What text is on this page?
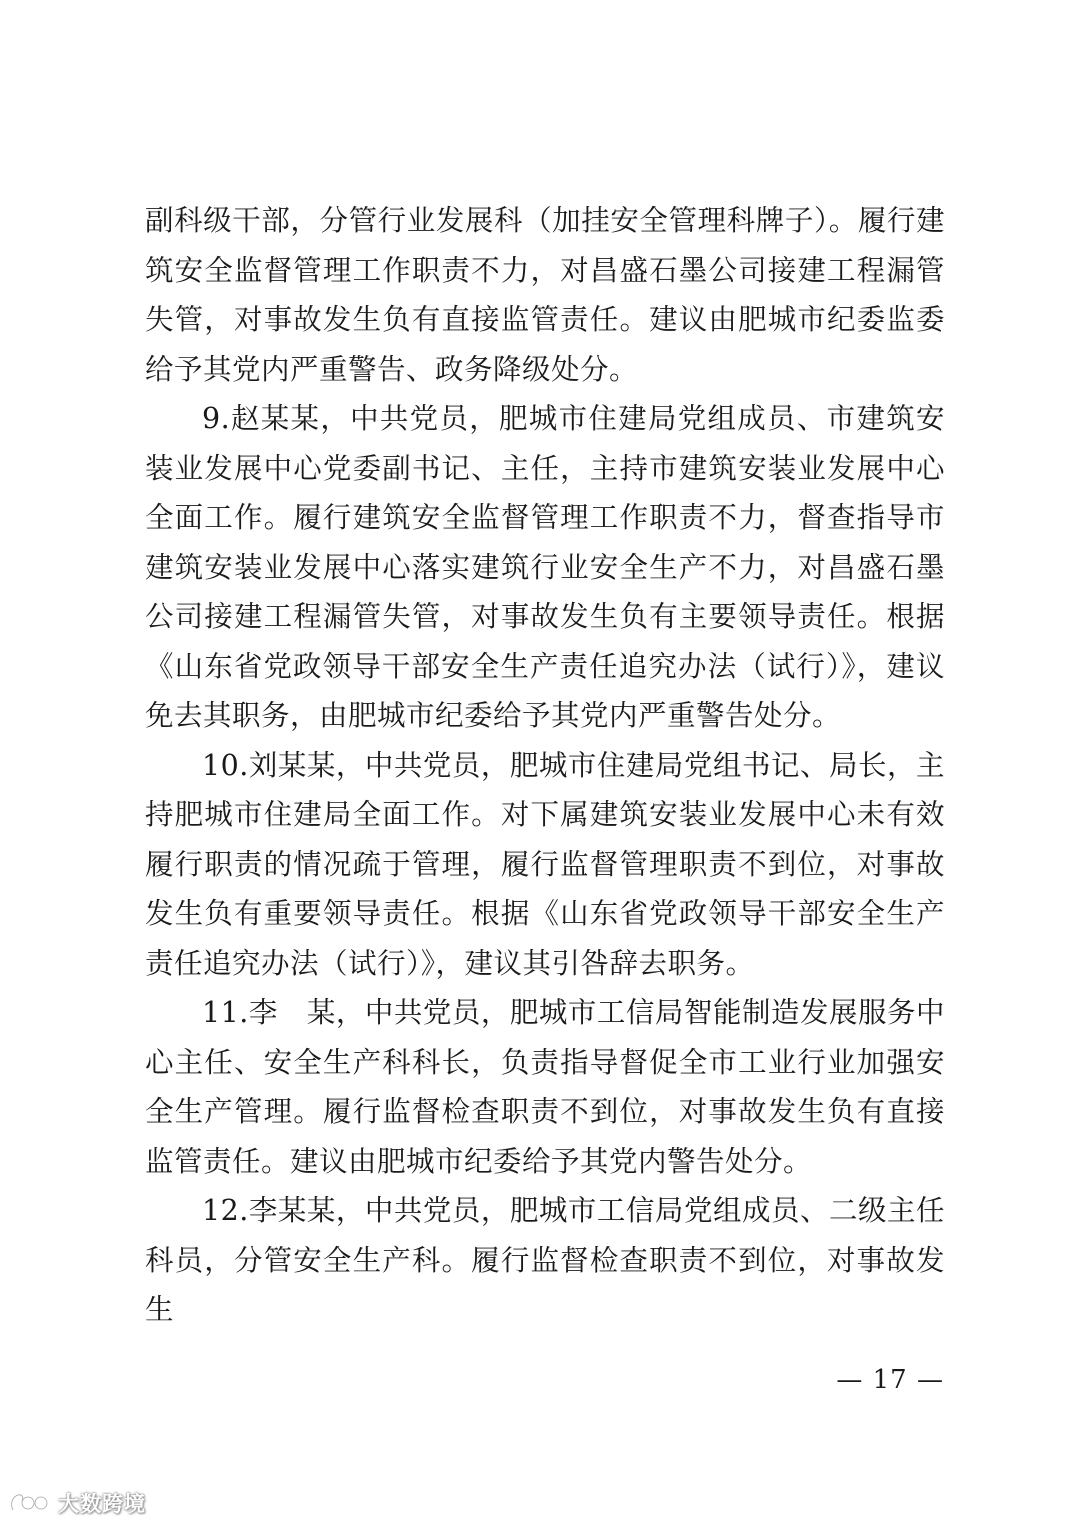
副科级干部，分管行业发展科（加挂安全管理科牌子）。履行建筑安全监督管理工作职责不力，对昌盛石墨公司接建工程漏管失管，对事故发生负有直接监管责任。建议由肥城市纪委监委给予其党内严重警告、政务降级处分。

9.赵某某，中共党员，肥城市住建局党组成员、市建筑安装业发展中心党委副书记、主任，主持市建筑安装业发展中心全面工作。履行建筑安全监督管理工作职责不力，督查指导市建筑安装业发展中心落实建筑行业安全生产不力，对昌盛石墨公司接建工程漏管失管，对事故发生负有主要领导责任。根据《山东省党政领导干部安全生产责任追究办法（试行）》，建议免去其职务，由肥城市纪委给予其党内严重警告处分。

10.刘某某，中共党员，肥城市住建局党组书记、局长，主持肥城市住建局全面工作。对下属建筑安装业发展中心未有效履行职责的情况疏于管理，履行监督管理职责不到位，对事故发生负有重要领导责任。根据《山东省党政领导干部安全生产责任追究办法（试行）》，建议其引咎辞去职务。

11.李　某，中共党员，肥城市工信局智能制造发展服务中心主任、安全生产科科长，负责指导督促全市工业行业加强安全生产管理。履行监督检查职责不到位，对事故发生负有直接监管责任。建议由肥城市纪委给予其党内警告处分。

12.李某某，中共党员，肥城市工信局党组成员、二级主任科员，分管安全生产科。履行监督检查职责不到位，对事故发生

— 17 —
大数跨境
